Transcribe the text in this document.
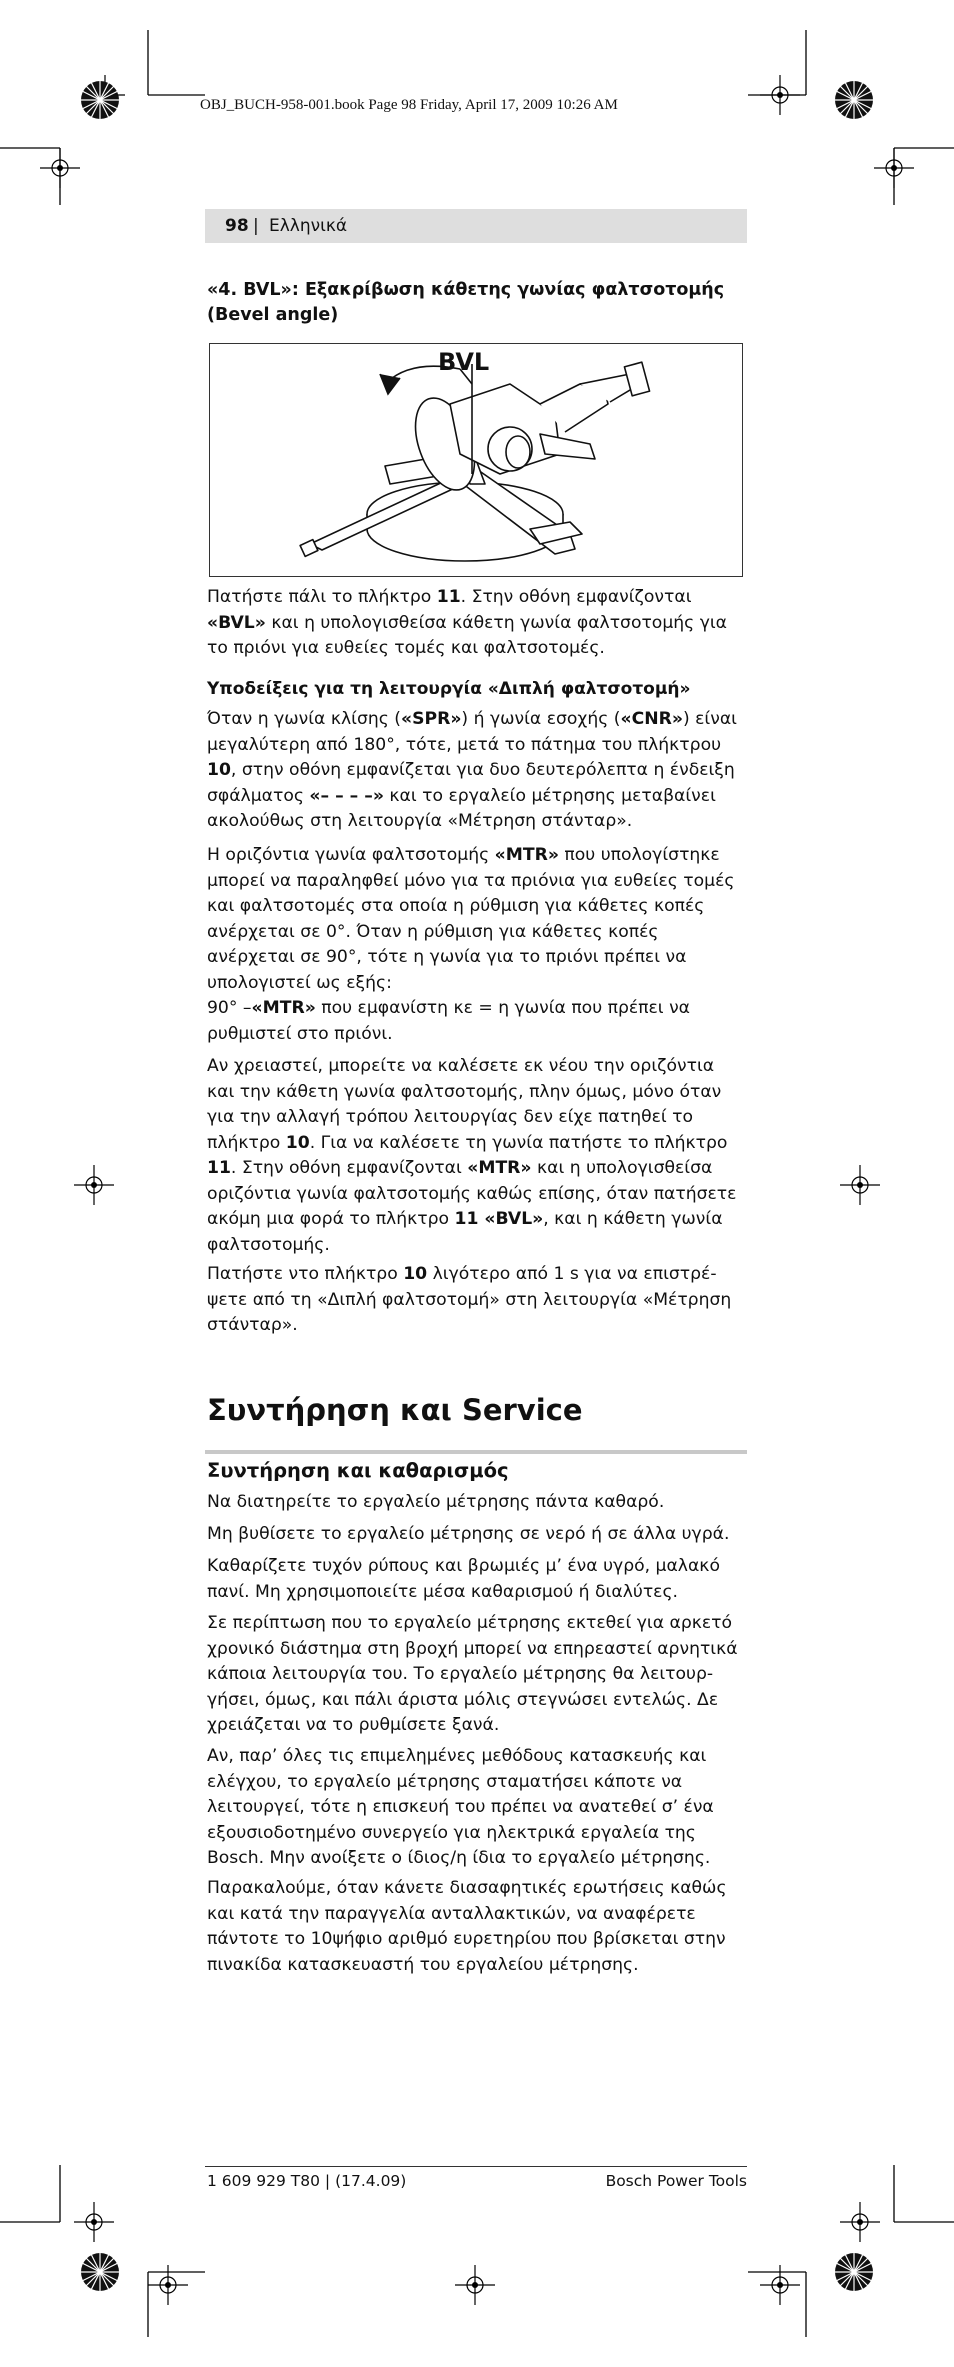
OBJ_BUCH-958-001.book Page 98 Friday, April 17, 2009 10:26 AM
98 | Ελληνικά
«4. BVL»: Εξακρίβωση κάθετης γωνίας φαλτσοτομής
(Bevel angle)
BVL

Πατήστε πάλι το πλήκτρο 11. Στην οθόνη εμφανίζονται

«BVL» και η υπολογισθείσα κάθετη γωνία φαλτσοτομής για

το πριόνι για ευθείες τομές και φαλτσοτομές.

Υποδείξεις για τη λειτουργία «Διπλή φαλτσοτομή»

Όταν η γωνία κλίσης («SPR») ή γωνία εσοχής («CNR») είναι

μεγαλύτερη από 180°, τότε, μετά το πάτημα του πλήκτρου

10, στην οθόνη εμφανίζεται για δυο δευτερόλεπτα η ένδειξη

σφάλματος «– – – –» και το εργαλείο μέτρησης μεταβαίνει

ακολούθως στη λειτουργία «Μέτρηση στάνταρ».

Η οριζόντια γωνία φαλτσοτομής «MTR» που υπολογίστηκε

μπορεί να παραληφθεί μόνο για τα πριόνια για ευθείες τομές

και φαλτσοτομές στα οποία η ρύθμιση για κάθετες κοπές

ανέρχεται σε 0°. Όταν η ρύθμιση για κάθετες κοπές

ανέρχεται σε 90°, τότε η γωνία για το πριόνι πρέπει να

υπολογιστεί ως εξής:

90° –«MTR» που εμφανίστη κε = η γωνία που πρέπει να

ρυθμιστεί στο πριόνι.

Αν χρειαστεί, μπορείτε να καλέσετε εκ νέου την οριζόντια

και την κάθετη γωνία φαλτσοτομής, πλην όμως, μόνο όταν

για την αλλαγή τρόπου λειτουργίας δεν είχε πατηθεί το

πλήκτρο 10. Για να καλέσετε τη γωνία πατήστε το πλήκτρο

11. Στην οθόνη εμφανίζονται «MTR» και η υπολογισθείσα

οριζόντια γωνία φαλτσοτομής καθώς επίσης, όταν πατήσετε

ακόμη μια φορά το πλήκτρο 11 «BVL», και η κάθετη γωνία

φαλτσοτομής.

Πατήστε ντο πλήκτρο 10 λιγότερο από 1 s για να επιστρέ-

ψετε από τη «Διπλή φαλτσοτομή» στη λειτουργία «Μέτρηση

στάνταρ».

Συντήρηση και Service
Συντήρηση και καθαρισμός
Να διατηρείτε το εργαλείο μέτρησης πάντα καθαρό.
Μη βυθίσετε το εργαλείο μέτρησης σε νερό ή σε άλλα υγρά.

Καθαρίζετε τυχόν ρύπους και βρωμιές μ’ ένα υγρό, μαλακό

πανί. Μη χρησιμοποιείτε μέσα καθαρισμού ή διαλύτες.

Σε περίπτωση που το εργαλείο μέτρησης εκτεθεί για αρκετό

χρονικό διάστημα στη βροχή μπορεί να επηρεαστεί αρνητικά

κάποια λειτουργία του. Το εργαλείο μέτρησης θα λειτουρ-

γήσει, όμως, και πάλι άριστα μόλις στεγνώσει εντελώς. Δε

χρειάζεται να το ρυθμίσετε ξανά.

Αν, παρ’ όλες τις επιμελημένες μεθόδους κατασκευής και

ελέγχου, το εργαλείο μέτρησης σταματήσει κάποτε να

λειτουργεί, τότε η επισκευή του πρέπει να ανατεθεί σ’ ένα

εξουσιοδοτημένο συνεργείο για ηλεκτρικά εργαλεία της

Bosch. Μην ανοίξετε ο ίδιος/η ίδια το εργαλείο μέτρησης.

Παρακαλούμε, όταν κάνετε διασαφητικές ερωτήσεις καθώς

και κατά την παραγγελία ανταλλακτικών, να αναφέρετε

πάντοτε το 10ψήφιο αριθμό ευρετηρίου που βρίσκεται στην

πινακίδα κατασκευαστή του εργαλείου μέτρησης.

1 609 929 T80 | (17.4.09)	Bosch Power Tools
